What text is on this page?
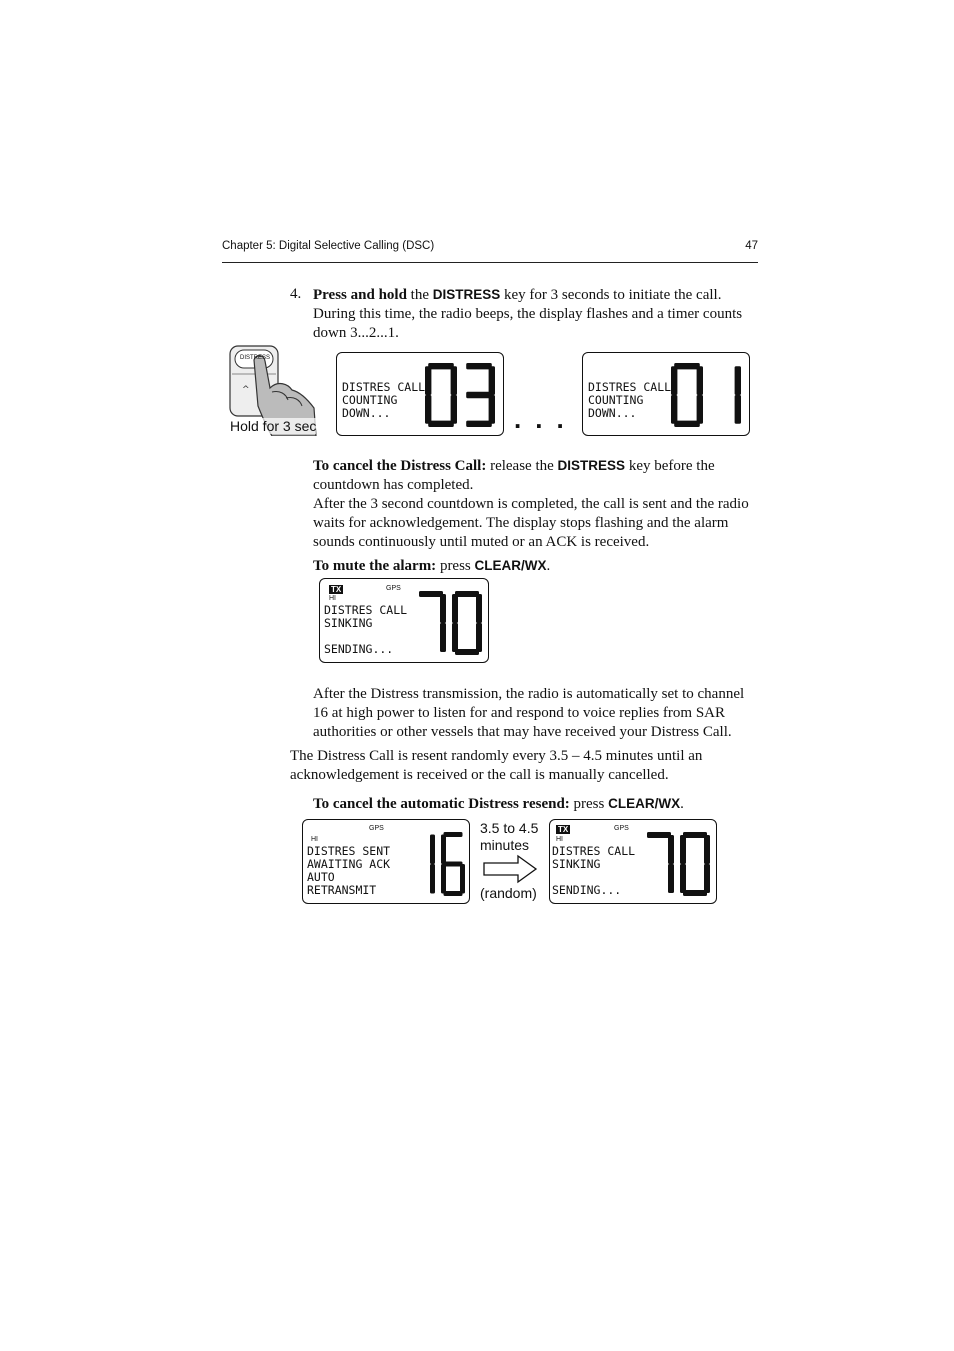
Chapter 5: Digital Selective Calling (DSC)	47
4. Press and hold the DISTRESS key for 3 seconds to initiate the call. During this time, the radio beeps, the display flashes and a timer counts down 3...2...1.
^
DISTRESS
Hold for 3 sec
DISTRES CALL
COUNTING
DOWN...	...
DISTRES CALL
COUNTING
DOWN...
To cancel the Distress Call: release the DISTRESS key before the countdown has completed.
After the 3 second countdown is completed, the call is sent and the radio waits for acknowledgement. The display stops flashing and the alarm sounds continuously until muted or an ACK is received.
To mute the alarm: press CLEAR/WX.
TX
HI
GPS
DISTRES CALL
SINKING

SENDING...
After the Distress transmission, the radio is automatically set to channel 16 at high power to listen for and respond to voice replies from SAR authorities or other vessels that may have received your Distress Call.
The Distress Call is resent randomly every 3.5 – 4.5 minutes until an acknowledgement is received or the call is manually cancelled.
To cancel the automatic Distress resend: press CLEAR/WX.
HI
GPS
DISTRES SENT
AWAITING ACK
AUTO
RETRANSMIT
3.5 to 4.5
minutes
(random)
TX
HI
GPS
DISTRES CALL
SINKING

SENDING...
